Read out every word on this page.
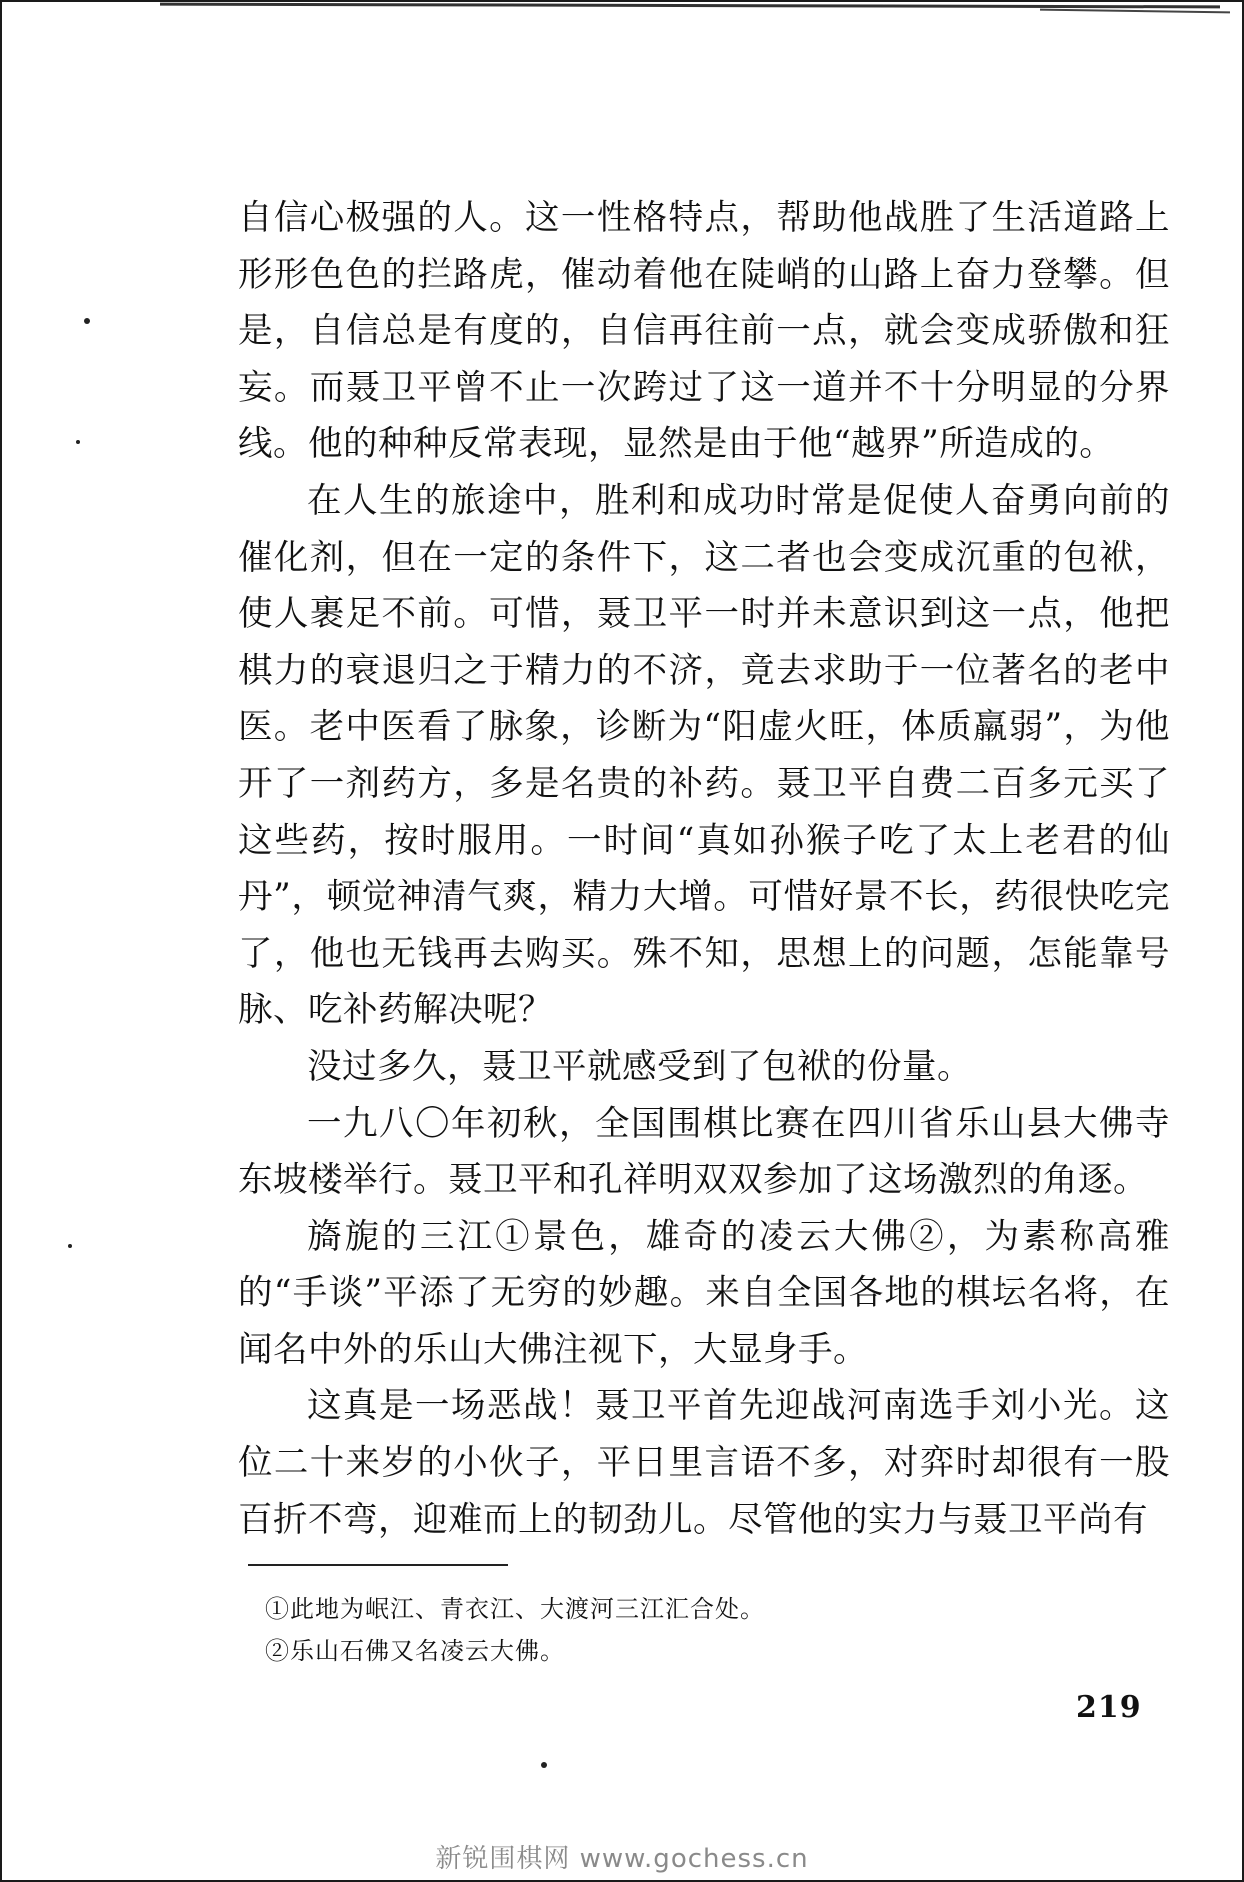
自信心极强的人。这一性格特点，帮助他战胜了生活道路上形形色色的拦路虎，催动着他在陡峭的山路上奋力登攀。但是，自信总是有度的，自信再往前一点，就会变成骄傲和狂妄。而聂卫平曾不止一次跨过了这一道并不十分明显的分界线。他的种种反常表现，显然是由于他“越界”所造成的。

在人生的旅途中，胜利和成功时常是促使人奋勇向前的催化剂，但在一定的条件下，这二者也会变成沉重的包袱，使人裹足不前。可惜，聂卫平一时并未意识到这一点，他把棋力的衰退归之于精力的不济，竟去求助于一位著名的老中医。老中医看了脉象，诊断为“阳虚火旺，体质羸弱”，为他开了一剂药方，多是名贵的补药。聂卫平自费二百多元买了这些药，按时服用。一时间“真如孙猴子吃了太上老君的仙丹”，顿觉神清气爽，精力大增。可惜好景不长，药很快吃完了，他也无钱再去购买。殊不知，思想上的问题，怎能靠号脉、吃补药解决呢？

没过多久，聂卫平就感受到了包袱的份量。

一九八〇年初秋，全国围棋比赛在四川省乐山县大佛寺东坡楼举行。聂卫平和孔祥明双双参加了这场激烈的角逐。

旖旎的三江①景色，雄奇的凌云大佛②，为素称高雅的“手谈”平添了无穷的妙趣。来自全国各地的棋坛名将，在闻名中外的乐山大佛注视下，大显身手。

这真是一场恶战！聂卫平首先迎战河南选手刘小光。这位二十来岁的小伙子，平日里言语不多，对弈时却很有一股百折不弯，迎难而上的韧劲儿。尽管他的实力与聂卫平尚有

①此地为岷江、青衣江、大渡河三江汇合处。

②乐山石佛又名凌云大佛。

219
新锐围棋网 www.gochess.cn
